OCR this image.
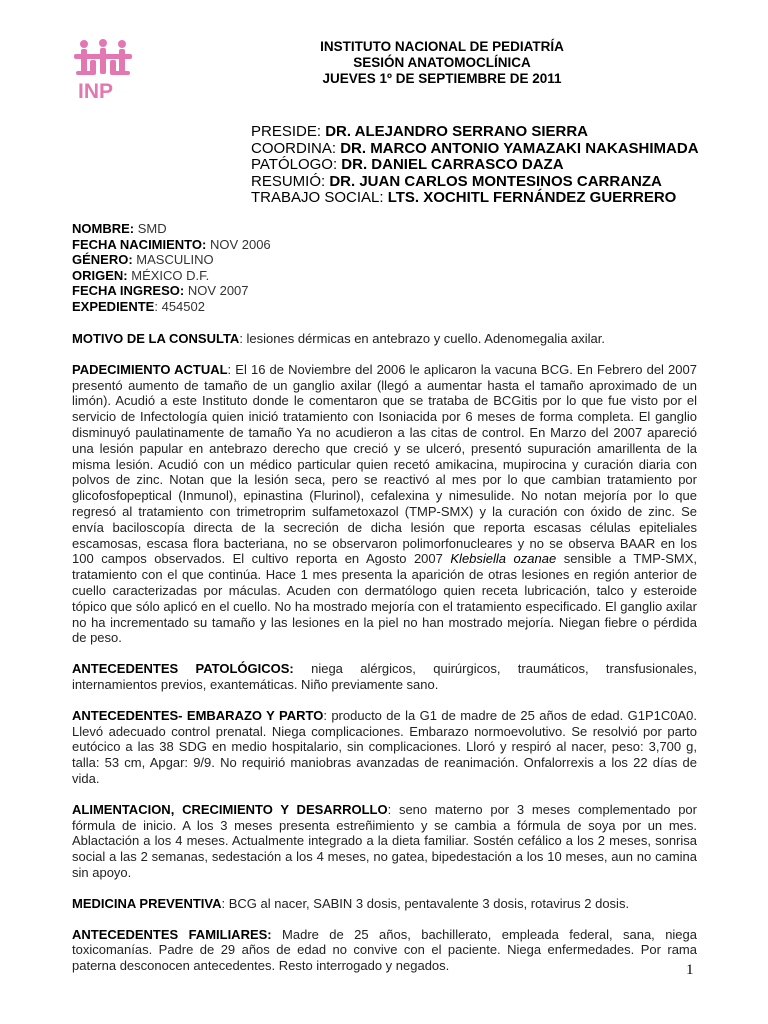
INP
INSTITUTO NACIONAL DE PEDIATRÍA
SESIÓN ANATOMOCLÍNICA
JUEVES 1º DE SEPTIEMBRE DE 2011
PRESIDE: DR. ALEJANDRO SERRANO SIERRA
COORDINA: DR. MARCO ANTONIO YAMAZAKI NAKASHIMADA
PATÓLOGO: DR. DANIEL CARRASCO DAZA
RESUMIÓ: DR. JUAN CARLOS MONTESINOS CARRANZA
TRABAJO SOCIAL: LTS. XOCHITL FERNÁNDEZ GUERRERO
NOMBRE: SMD
FECHA NACIMIENTO: NOV 2006
GÉNERO: MASCULINO
ORIGEN: MÉXICO D.F.
FECHA INGRESO: NOV 2007
EXPEDIENTE: 454502

MOTIVO DE LA CONSULTA: lesiones dérmicas en antebrazo y cuello. Adenomegalia axilar.

PADECIMIENTO ACTUAL: El 16 de Noviembre del 2006 le aplicaron la vacuna BCG. En Febrero del 2007 presentó aumento de tamaño de un ganglio axilar (llegó a aumentar hasta el tamaño aproximado de un limón). Acudió a este Instituto donde le comentaron que se trataba de BCGitis por lo que fue visto por el servicio de Infectología quien inició tratamiento con Isoniacida por 6 meses de forma completa. El ganglio disminuyó paulatinamente de tamaño Ya no acudieron a las citas de control. En Marzo del 2007 apareció una lesión papular en antebrazo derecho que creció y se ulceró, presentó supuración amarillenta de la misma lesión. Acudió con un médico particular quien recetó amikacina, mupirocina y curación diaria con polvos de zinc. Notan que la lesión seca, pero se reactivó al mes por lo que cambian tratamiento por glicofosfopeptical (Inmunol), epinastina (Flurinol), cefalexina y nimesulide. No notan mejoría por lo que regresó al tratamiento con trimetroprim sulfametoxazol (TMP-SMX) y la curación con óxido de zinc. Se envía baciloscopía directa de la secreción de dicha lesión que reporta escasas células epiteliales escamosas, escasa flora bacteriana, no se observaron polimorfonucleares y no se observa BAAR en los 100 campos observados. El cultivo reporta en Agosto 2007 Klebsiella ozanae sensible a TMP-SMX, tratamiento con el que continúa. Hace 1 mes presenta la aparición de otras lesiones en región anterior de cuello caracterizadas por máculas. Acuden con dermatólogo quien receta lubricación, talco y esteroide tópico que sólo aplicó en el cuello. No ha mostrado mejoría con el tratamiento especificado. El ganglio axilar no ha incrementado su tamaño y las lesiones en la piel no han mostrado mejoría. Niegan fiebre o pérdida de peso.

ANTECEDENTES PATOLÓGICOS: niega alérgicos, quirúrgicos, traumáticos, transfusionales, internamientos previos, exantemáticas. Niño previamente sano.

ANTECEDENTES- EMBARAZO Y PARTO: producto de la G1 de madre de 25 años de edad. G1P1C0A0. Llevó adecuado control prenatal. Niega complicaciones. Embarazo normoevolutivo. Se resolvió por parto eutócico a las 38 SDG en medio hospitalario, sin complicaciones. Lloró y respiró al nacer, peso: 3,700 g, talla: 53 cm, Apgar: 9/9. No requirió maniobras avanzadas de reanimación. Onfalorrexis a los 22 días de vida.

ALIMENTACION, CRECIMIENTO Y DESARROLLO: seno materno por 3 meses complementado por fórmula de inicio. A los 3 meses presenta estreñimiento y se cambia a fórmula de soya por un mes. Ablactación a los 4 meses. Actualmente integrado a la dieta familiar. Sostén cefálico a los 2 meses, sonrisa social a las 2 semanas, sedestación a los 4 meses, no gatea, bipedestación a los 10 meses, aun no camina sin apoyo.

MEDICINA PREVENTIVA: BCG al nacer, SABIN 3 dosis, pentavalente 3 dosis, rotavirus 2 dosis.

ANTECEDENTES FAMILIARES: Madre de 25 años, bachillerato, empleada federal, sana, niega toxicomanías. Padre de 29 años de edad no convive con el paciente. Niega enfermedades. Por rama paterna desconocen antecedentes. Resto interrogado y negados.	1
